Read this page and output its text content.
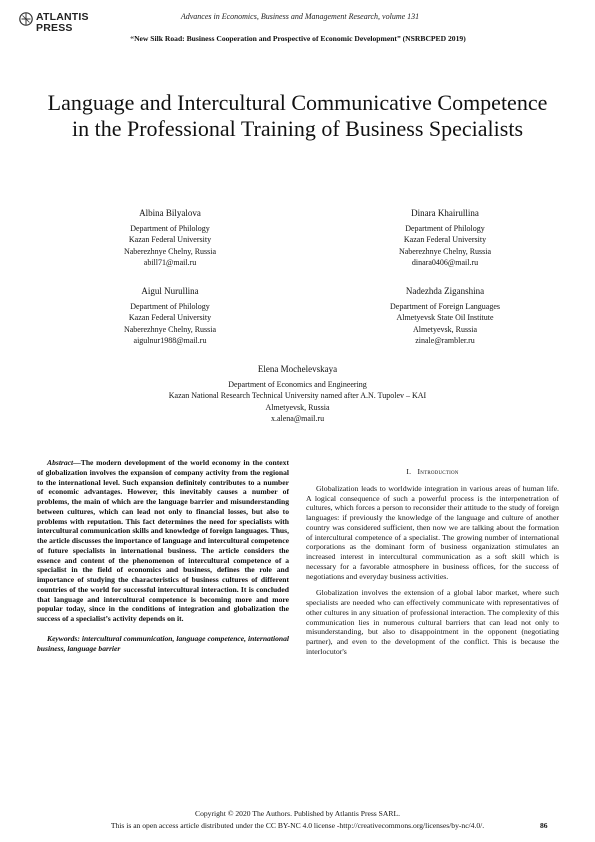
ATLANTIS
PRESS
Advances in Economics, Business and Management Research, volume 131
“New Silk Road: Business Cooperation and Prospective of Economic Development” (NSRBCPED 2019)
Language and Intercultural Communicative Competence in the Professional Training of Business Specialists
Albina Bilyalova
Department of Philology
Kazan Federal University
Naberezhnye Chelny, Russia
abill71@mail.ru
Dinara Khairullina
Department of Philology
Kazan Federal University
Naberezhnye Chelny, Russia
dinara0406@mail.ru
Aigul Nurullina
Department of Philology
Kazan Federal University
Naberezhnye Chelny, Russia
aigulnur1988@mail.ru
Nadezhda Ziganshina
Department of Foreign Languages
Almetyevsk State Oil Institute
Almetyevsk, Russia
zinale@rambler.ru
Elena Mochelevskaya
Department of Economics and Engineering
Kazan National Research Technical University named after A.N. Tupolev – KAI
Almetyevsk, Russia
x.alena@mail.ru
Abstract—The modern development of the world economy in the context of globalization involves the expansion of company activity from the regional to the international level. Such expansion definitely contributes to a number of economic advantages. However, this inevitably causes a number of problems, the main of which are the language barrier and misunderstanding between cultures, which can lead not only to financial losses, but also to problems with reputation. This fact determines the need for specialists with intercultural communication skills and knowledge of foreign languages. Thus, the article discusses the importance of language and intercultural competence of future specialists in international business. The article considers the essence and content of the phenomenon of intercultural competence of a specialist in the field of economics and business, defines the role and importance of studying the characteristics of business cultures of different countries of the world for successful intercultural interaction. It is concluded that language and intercultural competence is becoming more and more popular today, since in the conditions of integration and globalization the success of a specialist’s activity depends on it.
Keywords: intercultural communication, language competence, international business, language barrier
I. Introduction

Globalization leads to worldwide integration in various areas of human life. A logical consequence of such a powerful process is the interpenetration of cultures, which forces a person to reconsider their attitude to the study of foreign languages: if previously the knowledge of the language and culture of another country was considered sufficient, then now we are talking about the formation of intercultural competence of a specialist. The growing number of international corporations as the dominant form of business organization stimulates an increased interest in intercultural communication as a soft skill which is necessary for a favorable atmosphere in business offices, for the success of negotiations and everyday business activities.

Globalization involves the extension of a global labor market, where such specialists are needed who can effectively communicate with representatives of other cultures in any situation of professional interaction. The complexity of this communication lies in numerous cultural barriers that can lead not only to misunderstanding, but also to disappointment in the opponent (negotiating partner), and even to the development of the conflict. This is because the interlocutor's

Copyright © 2020 The Authors. Published by Atlantis Press SARL.
This is an open access article distributed under the CC BY-NC 4.0 license -http://creativecommons.org/licenses/by-nc/4.0/.	86
